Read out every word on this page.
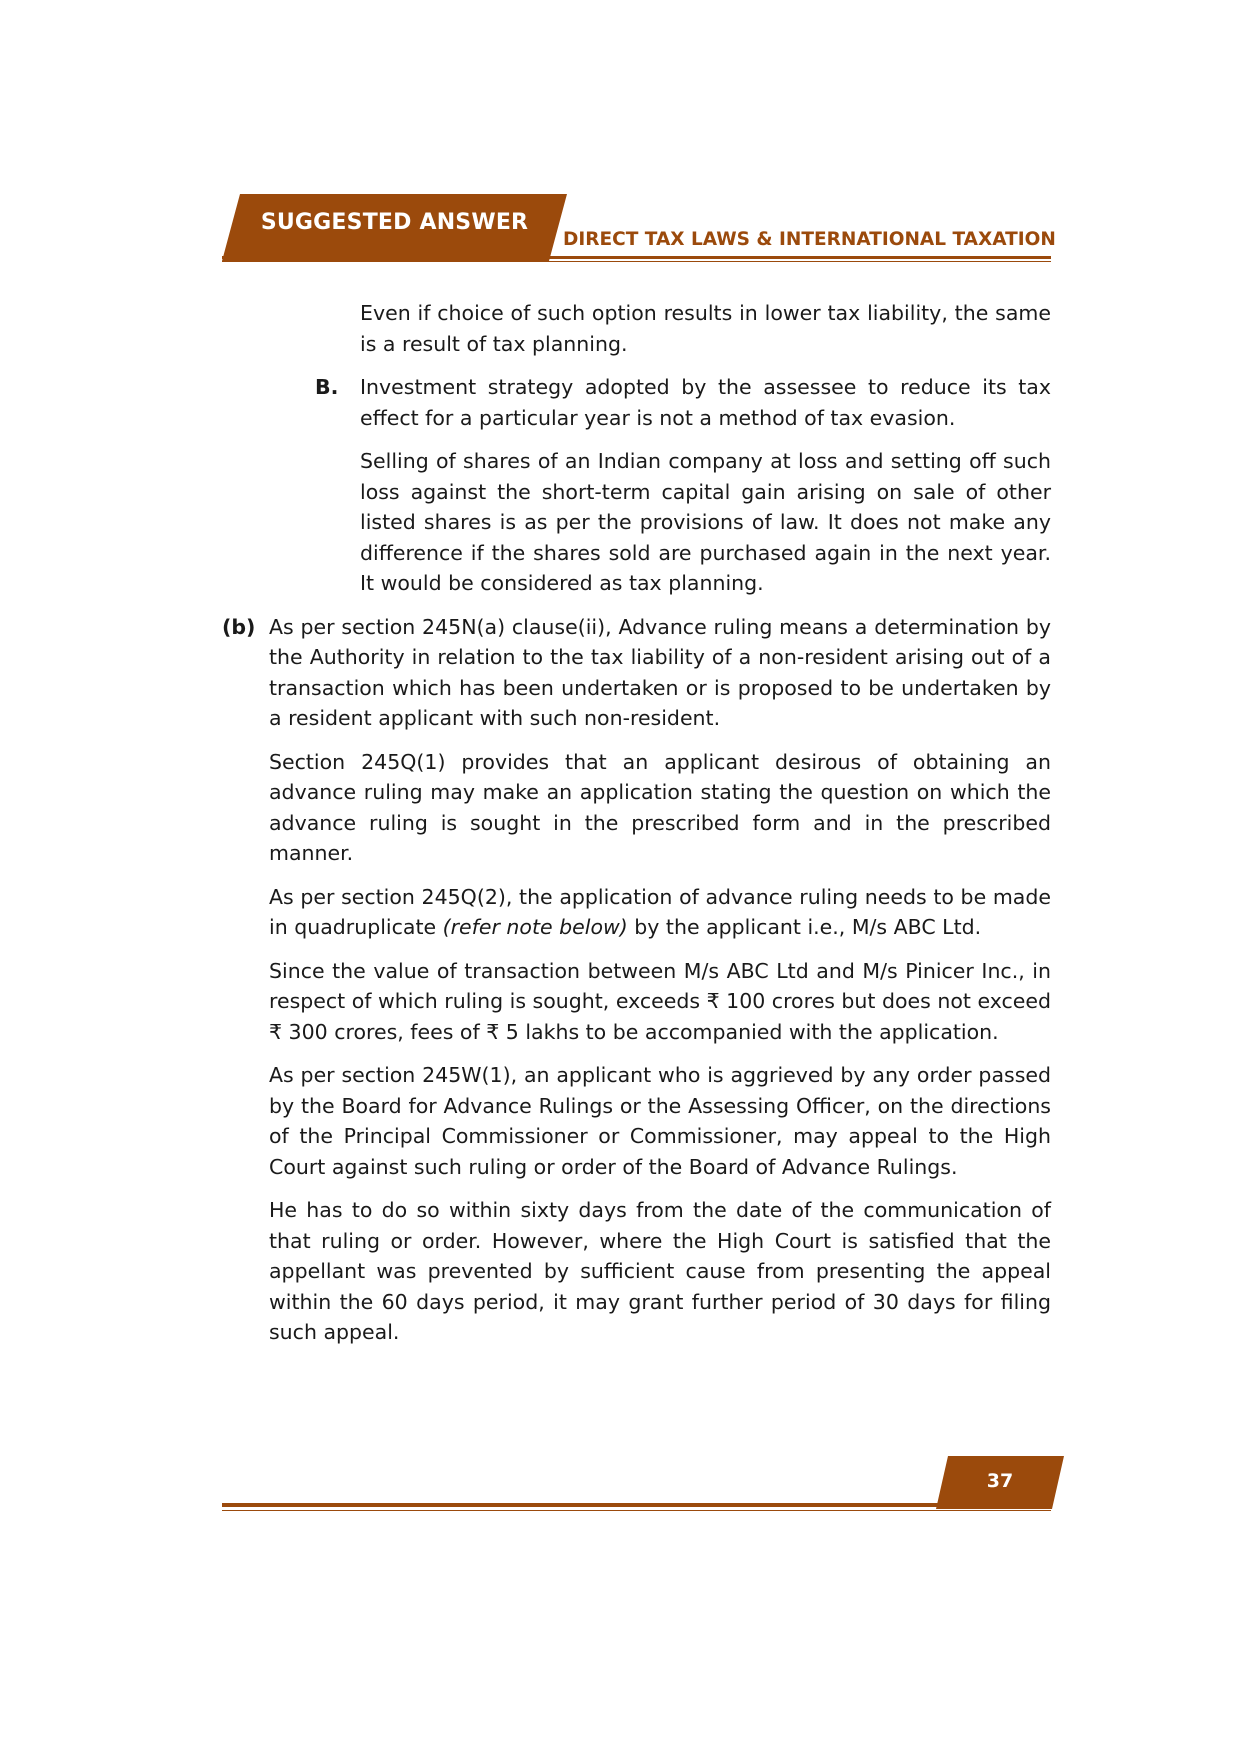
SUGGESTED ANSWER
DIRECT TAX LAWS & INTERNATIONAL TAXATION

Even if choice of such option results in lower tax liability, the same is a result of tax planning.

B.	Investment strategy adopted by the assessee to reduce its tax effect for a particular year is not a method of tax evasion.

Selling of shares of an Indian company at loss and setting off such loss against the short-term capital gain arising on sale of other listed shares is as per the provisions of law. It does not make any difference if the shares sold are purchased again in the next year. It would be considered as tax planning.

(b) As per section 245N(a) clause(ii), Advance ruling means a determination by the Authority in relation to the tax liability of a non-resident arising out of a transaction which has been undertaken or is proposed to be undertaken by a resident applicant with such non-resident.

Section 245Q(1) provides that an applicant desirous of obtaining an advance ruling may make an application stating the question on which the advance ruling is sought in the prescribed form and in the prescribed manner.

As per section 245Q(2), the application of advance ruling needs to be made in quadruplicate (refer note below) by the applicant i.e., M/s ABC Ltd.

Since the value of transaction between M/s ABC Ltd and M/s Pinicer Inc., in respect of which ruling is sought, exceeds ₹ 100 crores but does not exceed ₹ 300 crores, fees of ₹ 5 lakhs to be accompanied with the application.

As per section 245W(1), an applicant who is aggrieved by any order passed by the Board for Advance Rulings or the Assessing Officer, on the directions of the Principal Commissioner or Commissioner, may appeal to the High Court against such ruling or order of the Board of Advance Rulings.

He has to do so within sixty days from the date of the communication of that ruling or order. However, where the High Court is satisfied that the appellant was prevented by sufficient cause from presenting the appeal within the 60 days period, it may grant further period of 30 days for filing such appeal.

37
